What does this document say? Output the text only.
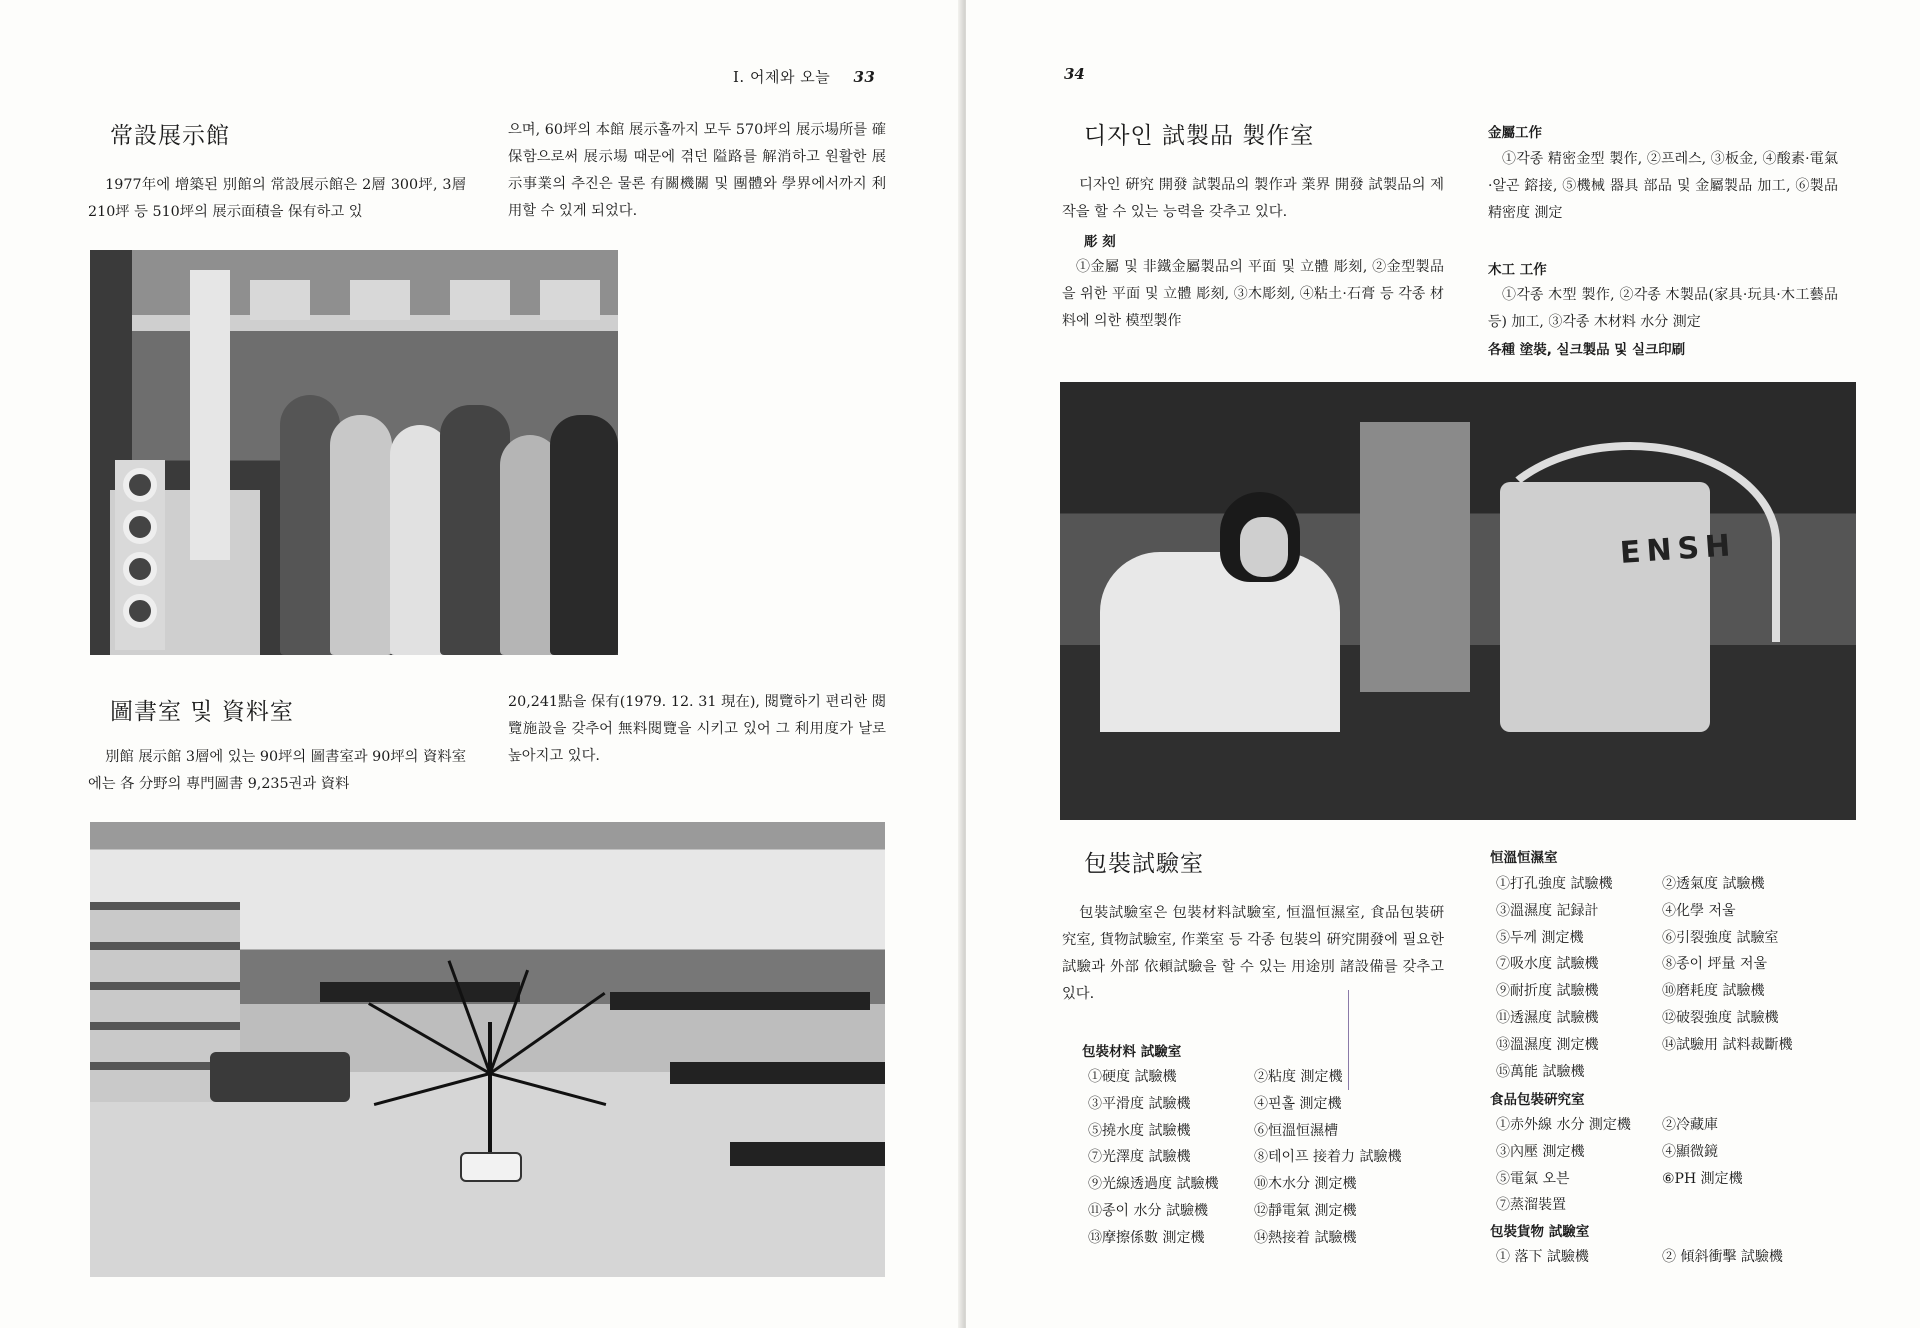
Ⅰ. 어제와 오늘 33
常設展示館

1977年에 增築된 別館의 常設展示館은 2層 300坪, 3層 210坪 등 510坪의 展示面積을 保有하고 있

으며, 60坪의 本館 展示홀까지 모두 570坪의 展示場所를 確保함으로써 展示場 때문에 겪던 隘路를 解消하고 원활한 展示事業의 추진은 물론 有關機關 및 團體와 學界에서까지 利用할 수 있게 되었다.

圖書室 및 資料室

別館 展示館 3層에 있는 90坪의 圖書室과 90坪의 資料室에는 各 分野의 專門圖書 9,235권과 資料

20,241點을 保有(1979. 12. 31 現在), 閱覽하기 편리한 閱覽施設을 갖추어 無料閱覽을 시키고 있어 그 利用度가 날로 높아지고 있다.

34
디자인 試製品 製作室

디자인 硏究 開發 試製品의 製作과 業界 開發 試製品의 제작을 할 수 있는 능력을 갖추고 있다.

彫 刻
①金屬 및 非鐵金屬製品의 平面 및 立體 彫刻, ②金型製品을 위한 平面 및 立體 彫刻, ③木彫刻, ④粘土·石膏 등 각종 材料에 의한 模型製作
金屬工作
①각종 精密金型 製作, ②프레스, ③板金, ④酸素·電氣·알곤 鎔接, ⑤機械 器具 部品 및 金屬製品 加工, ⑥製品 精密度 測定
木工 工作
①각종 木型 製作, ②각종 木製品(家具·玩具·木工藝品 등) 加工, ③각종 木材料 水分 測定
各種 塗裝, 실크製品 및 실크印刷
ENSH
包裝試驗室

包裝試驗室은 包裝材料試驗室, 恒溫恒濕室, 食品包裝硏究室, 貨物試驗室, 作業室 등 각종 包裝의 硏究開發에 필요한 試驗과 外部 依頼試驗을 할 수 있는 用途別 諸設備를 갖추고 있다.

包裝材料 試驗室
①硬度 試驗機	②粘度 測定機
③平滑度 試驗機	④핀홀 測定機
⑤撓水度 試驗機	⑥恒溫恒濕槽
⑦光澤度 試驗機	⑧테이프 接着力 試驗機
⑨光線透過度 試驗機	⑩木水分 測定機
⑪종이 水分 試驗機	⑫靜電氣 測定機
⑬摩擦係數 測定機	⑭熱接着 試驗機
恒溫恒濕室
①打孔強度 試驗機	②透氣度 試驗機
③溫濕度 記録計	④化學 저울
⑤두께 測定機	⑥引裂強度 試驗室
⑦吸水度 試驗機	⑧종이 坪量 저울
⑨耐折度 試驗機	⑩磨耗度 試驗機
⑪透濕度 試驗機	⑫破裂強度 試驗機
⑬溫濕度 測定機	⑭試驗用 試料裁斷機
⑮萬能 試驗機
食品包裝硏究室
①赤外線 水分 測定機	②冷藏庫
③內壓 測定機	④顯微鏡
⑤電氣 오븐	⑥PH 測定機
⑦蒸溜裝置
包裝貨物 試驗室
① 落下 試驗機	② 傾斜衝擊 試驗機
